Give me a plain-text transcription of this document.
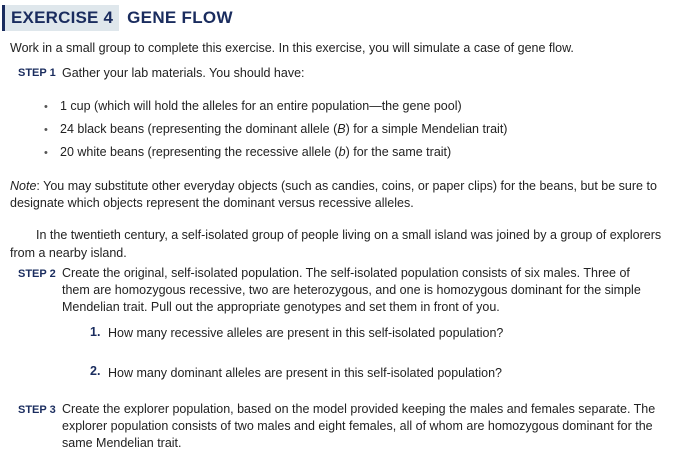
EXERCISE 4 GENE FLOW
Work in a small group to complete this exercise. In this exercise, you will simulate a case of gene flow.
STEP 1 Gather your lab materials. You should have:
• 1 cup (which will hold the alleles for an entire population—the gene pool)
• 24 black beans (representing the dominant allele (B) for a simple Mendelian trait)
• 20 white beans (representing the recessive allele (b) for the same trait)
Note: You may substitute other everyday objects (such as candies, coins, or paper clips) for the beans, but be sure to
designate which objects represent the dominant versus recessive alleles.
In the twentieth century, a self-isolated group of people living on a small island was joined by a group of explorers
from a nearby island.
STEP 2 Create the original, self-isolated population. The self-isolated population consists of six males. Three of
them are homozygous recessive, two are heterozygous, and one is homozygous dominant for the simple
Mendelian trait. Pull out the appropriate genotypes and set them in front of you.
1. How many recessive alleles are present in this self-isolated population?
2. How many dominant alleles are present in this self-isolated population?
STEP 3 Create the explorer population, based on the model provided keeping the males and females separate. The
explorer population consists of two males and eight females, all of whom are homozygous dominant for the
same Mendelian trait.
